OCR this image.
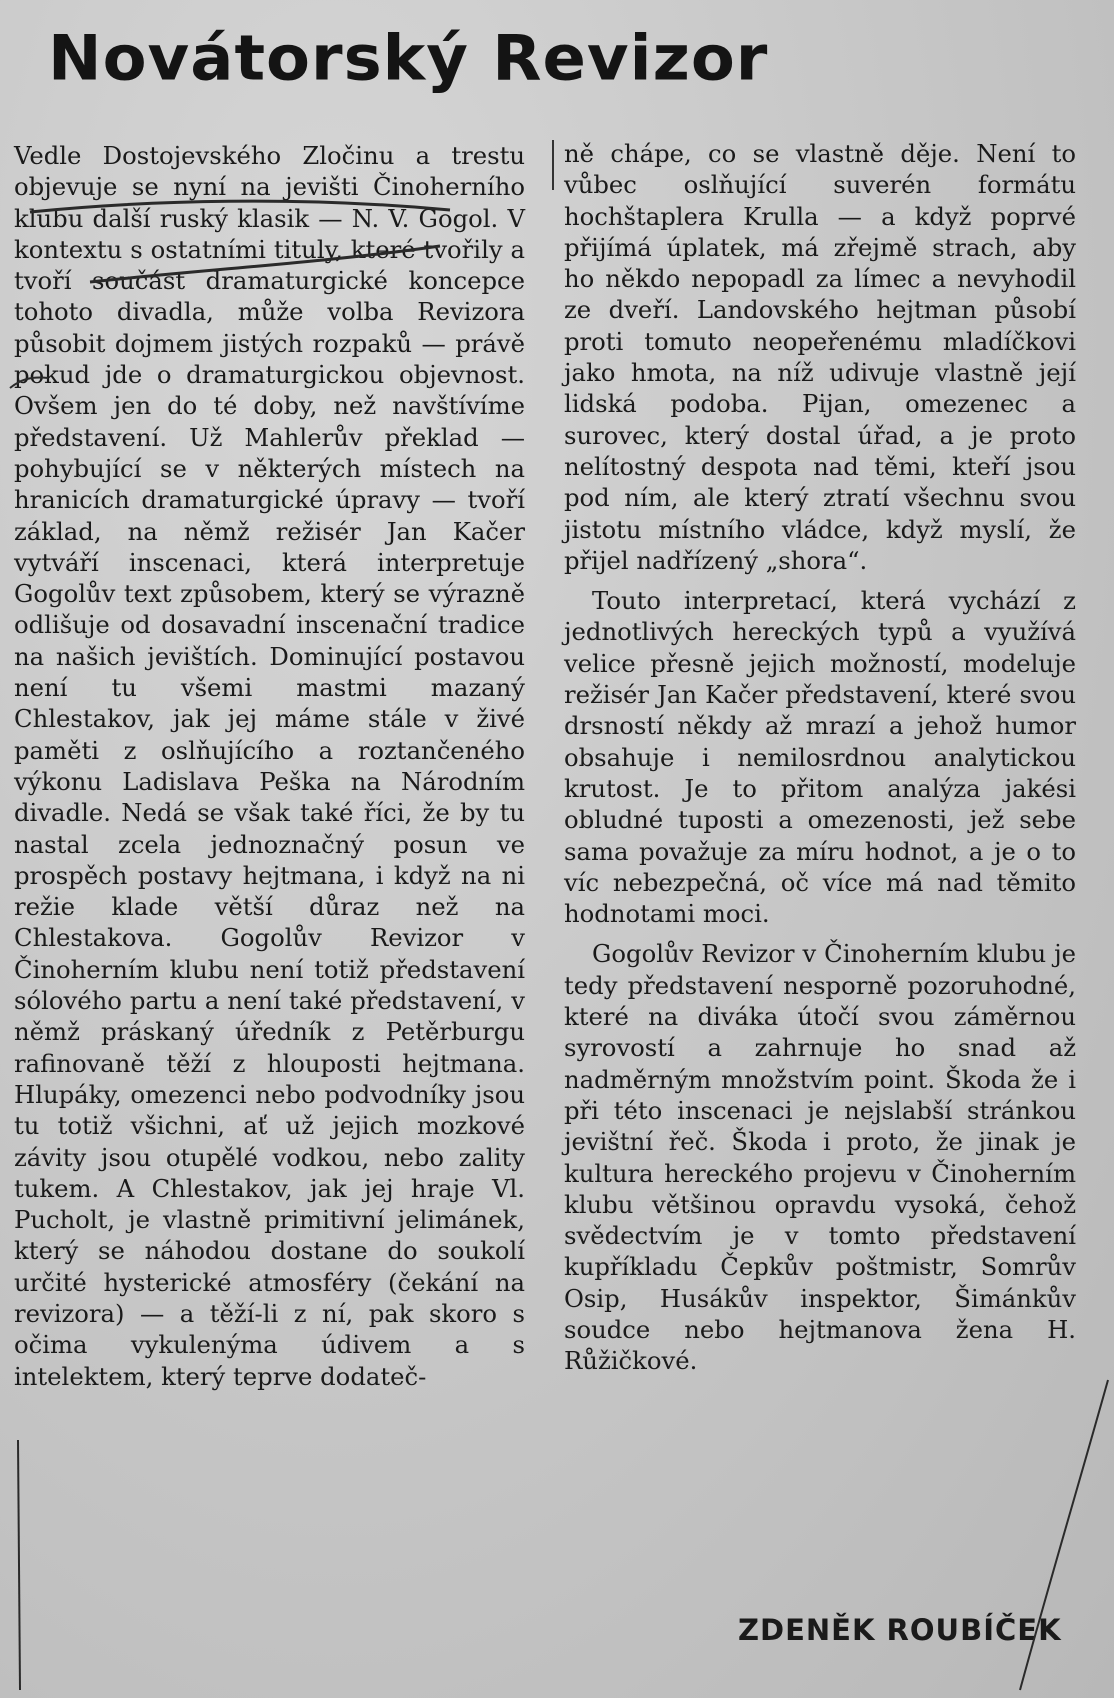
Novátorský Revizor

Vedle Dostojevského Zločinu a trestu objevuje se nyní na jevišti Činoherního klubu další ruský klasik — N. V. Gogol. V kontextu s ostatními tituly, které tvořily a tvoří součást dramaturgické koncepce tohoto divadla, může volba Revizora působit dojmem jistých rozpaků — právě pokud jde o dramaturgickou objevnost. Ovšem jen do té doby, než navštívíme představení. Už Mahlerův překlad — pohybující se v některých místech na hranicích dramaturgické úpravy — tvoří základ, na němž režisér Jan Kačer vytváří inscenaci, která interpretuje Gogolův text způsobem, který se výrazně odlišuje od dosavadní inscenační tradice na našich jevištích. Dominující postavou není tu všemi mastmi mazaný Chlestakov, jak jej máme stále v živé paměti z oslňujícího a roztančeného výkonu Ladislava Peška na Národním divadle. Nedá se však také říci, že by tu nastal zcela jednoznačný posun ve prospěch postavy hejtmana, i když na ni režie klade větší důraz než na Chlestakova. Gogolův Revizor v Činoherním klubu není totiž představení sólového partu a není také představení, v němž práskaný úředník z Petěrburgu rafinovaně těží z hlouposti hejtmana. Hlupáky, omezenci nebo podvodníky jsou tu totiž všichni, ať už jejich mozkové závity jsou otupělé vodkou, nebo zality tukem. A Chlestakov, jak jej hraje Vl. Pucholt, je vlastně primitivní jelimánek, který se náhodou dostane do soukolí určité hysterické atmosféry (čekání na revizora) — a těží-li z ní, pak skoro s očima vykulenýma údivem a s intelektem, který teprve dodateč-

ně chápe, co se vlastně děje. Není to vůbec oslňující suverén formátu hochštaplera Krulla — a když poprvé přijímá úplatek, má zřejmě strach, aby ho někdo nepopadl za límec a nevyhodil ze dveří. Landovského hejtman působí proti tomuto neopeřenému mladíčkovi jako hmota, na níž udivuje vlastně její lidská podoba. Pijan, omezenec a surovec, který dostal úřad, a je proto nelítostný despota nad těmi, kteří jsou pod ním, ale který ztratí všechnu svou jistotu místního vládce, když myslí, že přijel nadřízený „shora“.

Touto interpretací, která vychází z jednotlivých hereckých typů a využívá velice přesně jejich možností, modeluje režisér Jan Kačer představení, které svou drsností někdy až mrazí a jehož humor obsahuje i nemilosrdnou analytickou krutost. Je to přitom analýza jakési obludné tuposti a omezenosti, jež sebe sama považuje za míru hodnot, a je o to víc nebezpečná, oč více má nad těmito hodnotami moci.

Gogolův Revizor v Činoherním klubu je tedy představení nesporně pozoruhodné, které na diváka útočí svou záměrnou syrovostí a zahrnuje ho snad až nadměrným množstvím point. Škoda že i při této inscenaci je nejslabší stránkou jevištní řeč. Škoda i proto, že jinak je kultura hereckého projevu v Činoherním klubu většinou opravdu vysoká, čehož svědectvím je v tomto představení kupříkladu Čepkův poštmistr, Somrův Osip, Husákův inspektor, Šimánkův soudce nebo hejtmanova žena H. Růžičkové.

ZDENĚK ROUBÍČEK
